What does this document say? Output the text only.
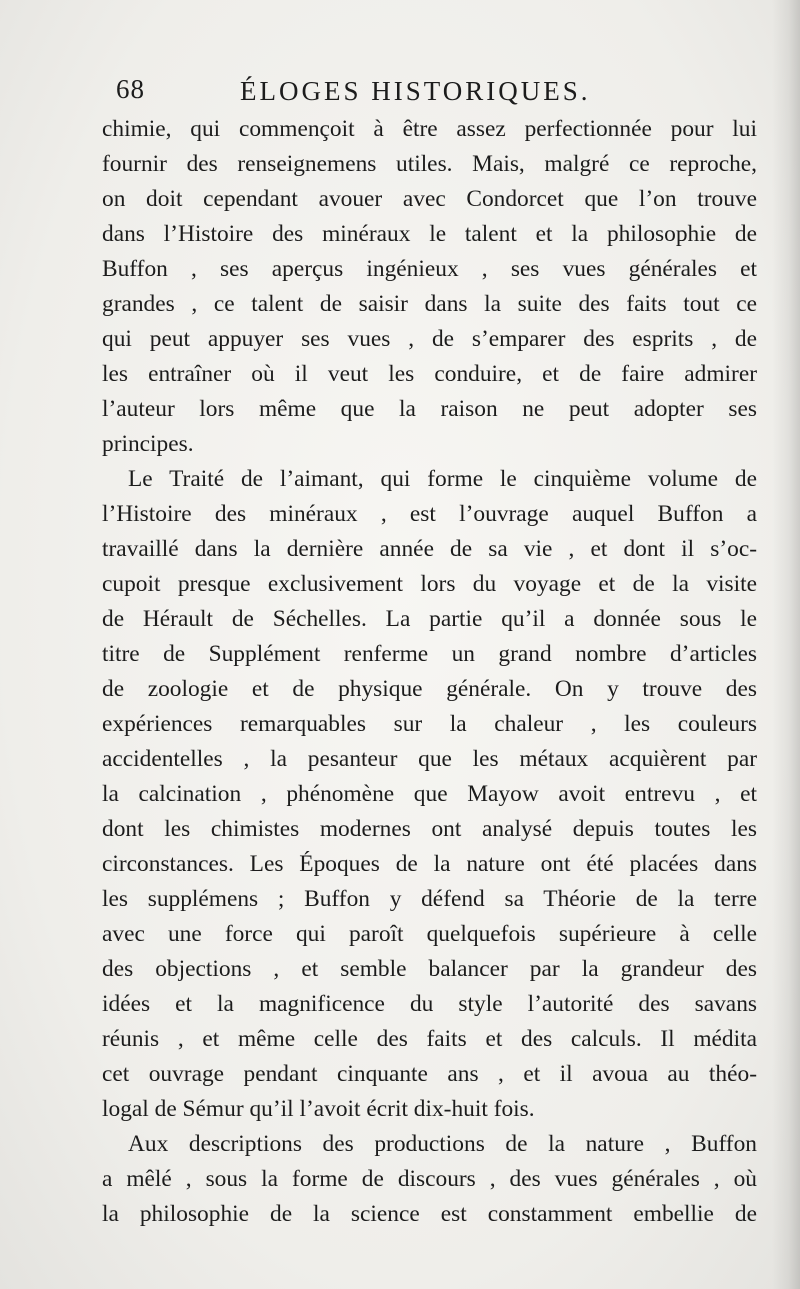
68	ÉLOGES HISTORIQUES.
chimie, qui commençoit à être assez perfectionnée pour lui
fournir des renseignemens utiles. Mais, malgré ce reproche,
on doit cependant avouer avec Condorcet que l’on trouve
dans l’Histoire des minéraux le talent et la philosophie de
Buffon , ses aperçus ingénieux , ses vues générales et
grandes , ce talent de saisir dans la suite des faits tout ce
qui peut appuyer ses vues , de s’emparer des esprits , de
les entraîner où il veut les conduire, et de faire admirer
l’auteur lors même que la raison ne peut adopter ses
principes.
Le Traité de l’aimant, qui forme le cinquième volume de
l’Histoire des minéraux , est l’ouvrage auquel Buffon a
travaillé dans la dernière année de sa vie , et dont il s’oc-
cupoit presque exclusivement lors du voyage et de la visite
de Hérault de Séchelles. La partie qu’il a donnée sous le
titre de Supplément renferme un grand nombre d’articles
de zoologie et de physique générale. On y trouve des
expériences remarquables sur la chaleur , les couleurs
accidentelles , la pesanteur que les métaux acquièrent par
la calcination , phénomène que Mayow avoit entrevu , et
dont les chimistes modernes ont analysé depuis toutes les
circonstances. Les Époques de la nature ont été placées dans
les supplémens ; Buffon y défend sa Théorie de la terre
avec une force qui paroît quelquefois supérieure à celle
des objections , et semble balancer par la grandeur des
idées et la magnificence du style l’autorité des savans
réunis , et même celle des faits et des calculs. Il médita
cet ouvrage pendant cinquante ans , et il avoua au théo-
logal de Sémur qu’il l’avoit écrit dix-huit fois.
Aux descriptions des productions de la nature , Buffon
a mêlé , sous la forme de discours , des vues générales , où
la philosophie de la science est constamment embellie de
